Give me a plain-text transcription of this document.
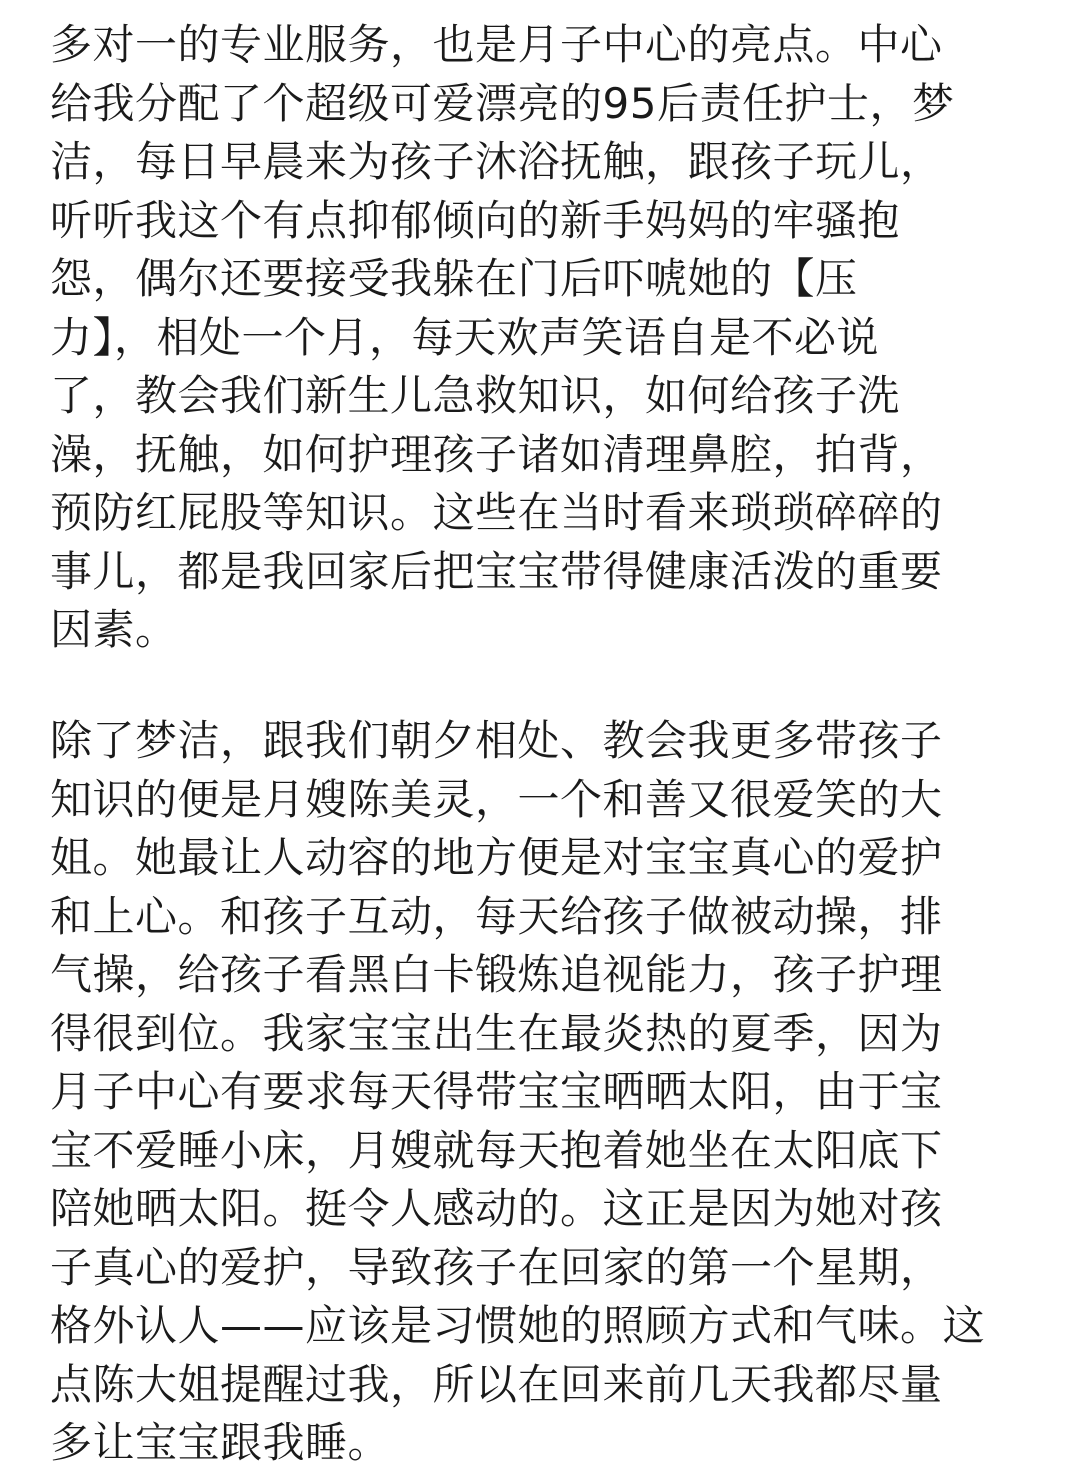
多对一的专业服务，也是月子中心的亮点。中心
给我分配了个超级可爱漂亮的95后责任护士，梦
洁，每日早晨来为孩子沐浴抚触，跟孩子玩儿，
听听我这个有点抑郁倾向的新手妈妈的牢骚抱
怨，偶尔还要接受我躲在门后吓唬她的【压
力】，相处一个月，每天欢声笑语自是不必说
了，教会我们新生儿急救知识，如何给孩子洗
澡，抚触，如何护理孩子诸如清理鼻腔，拍背，
预防红屁股等知识。这些在当时看来琐琐碎碎的
事儿，都是我回家后把宝宝带得健康活泼的重要
因素。
除了梦洁，跟我们朝夕相处、教会我更多带孩子
知识的便是月嫂陈美灵，一个和善又很爱笑的大
姐。她最让人动容的地方便是对宝宝真心的爱护
和上心。和孩子互动，每天给孩子做被动操，排
气操，给孩子看黑白卡锻炼追视能力，孩子护理
得很到位。我家宝宝出生在最炎热的夏季，因为
月子中心有要求每天得带宝宝晒晒太阳，由于宝
宝不爱睡小床，月嫂就每天抱着她坐在太阳底下
陪她晒太阳。挺令人感动的。这正是因为她对孩
子真心的爱护，导致孩子在回家的第一个星期，
格外认人——应该是习惯她的照顾方式和气味。这
点陈大姐提醒过我，所以在回来前几天我都尽量
多让宝宝跟我睡。
